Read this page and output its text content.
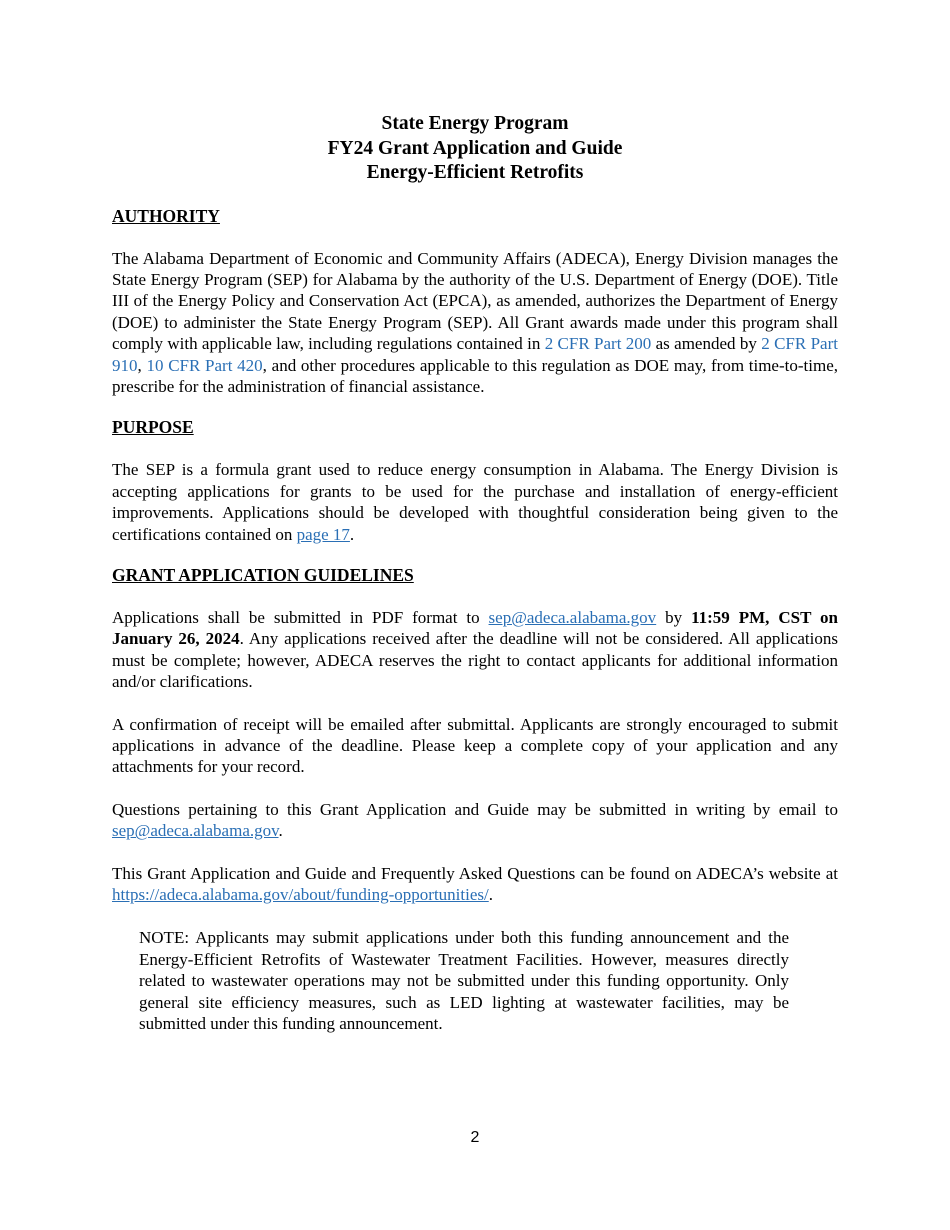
State Energy Program
FY24 Grant Application and Guide
Energy-Efficient Retrofits
AUTHORITY
The Alabama Department of Economic and Community Affairs (ADECA), Energy Division manages the State Energy Program (SEP) for Alabama by the authority of the U.S. Department of Energy (DOE). Title III of the Energy Policy and Conservation Act (EPCA), as amended, authorizes the Department of Energy (DOE) to administer the State Energy Program (SEP). All Grant awards made under this program shall comply with applicable law, including regulations contained in 2 CFR Part 200 as amended by 2 CFR Part 910, 10 CFR Part 420, and other procedures applicable to this regulation as DOE may, from time-to-time, prescribe for the administration of financial assistance.
PURPOSE
The SEP is a formula grant used to reduce energy consumption in Alabama. The Energy Division is accepting applications for grants to be used for the purchase and installation of energy-efficient improvements. Applications should be developed with thoughtful consideration being given to the certifications contained on page 17.
GRANT APPLICATION GUIDELINES
Applications shall be submitted in PDF format to sep@adeca.alabama.gov by 11:59 PM, CST on January 26, 2024. Any applications received after the deadline will not be considered. All applications must be complete; however, ADECA reserves the right to contact applicants for additional information and/or clarifications.
A confirmation of receipt will be emailed after submittal. Applicants are strongly encouraged to submit applications in advance of the deadline. Please keep a complete copy of your application and any attachments for your record.
Questions pertaining to this Grant Application and Guide may be submitted in writing by email to sep@adeca.alabama.gov.
This Grant Application and Guide and Frequently Asked Questions can be found on ADECA’s website at https://adeca.alabama.gov/about/funding-opportunities/.
NOTE: Applicants may submit applications under both this funding announcement and the Energy-Efficient Retrofits of Wastewater Treatment Facilities. However, measures directly related to wastewater operations may not be submitted under this funding opportunity. Only general site efficiency measures, such as LED lighting at wastewater facilities, may be submitted under this funding announcement.
2
